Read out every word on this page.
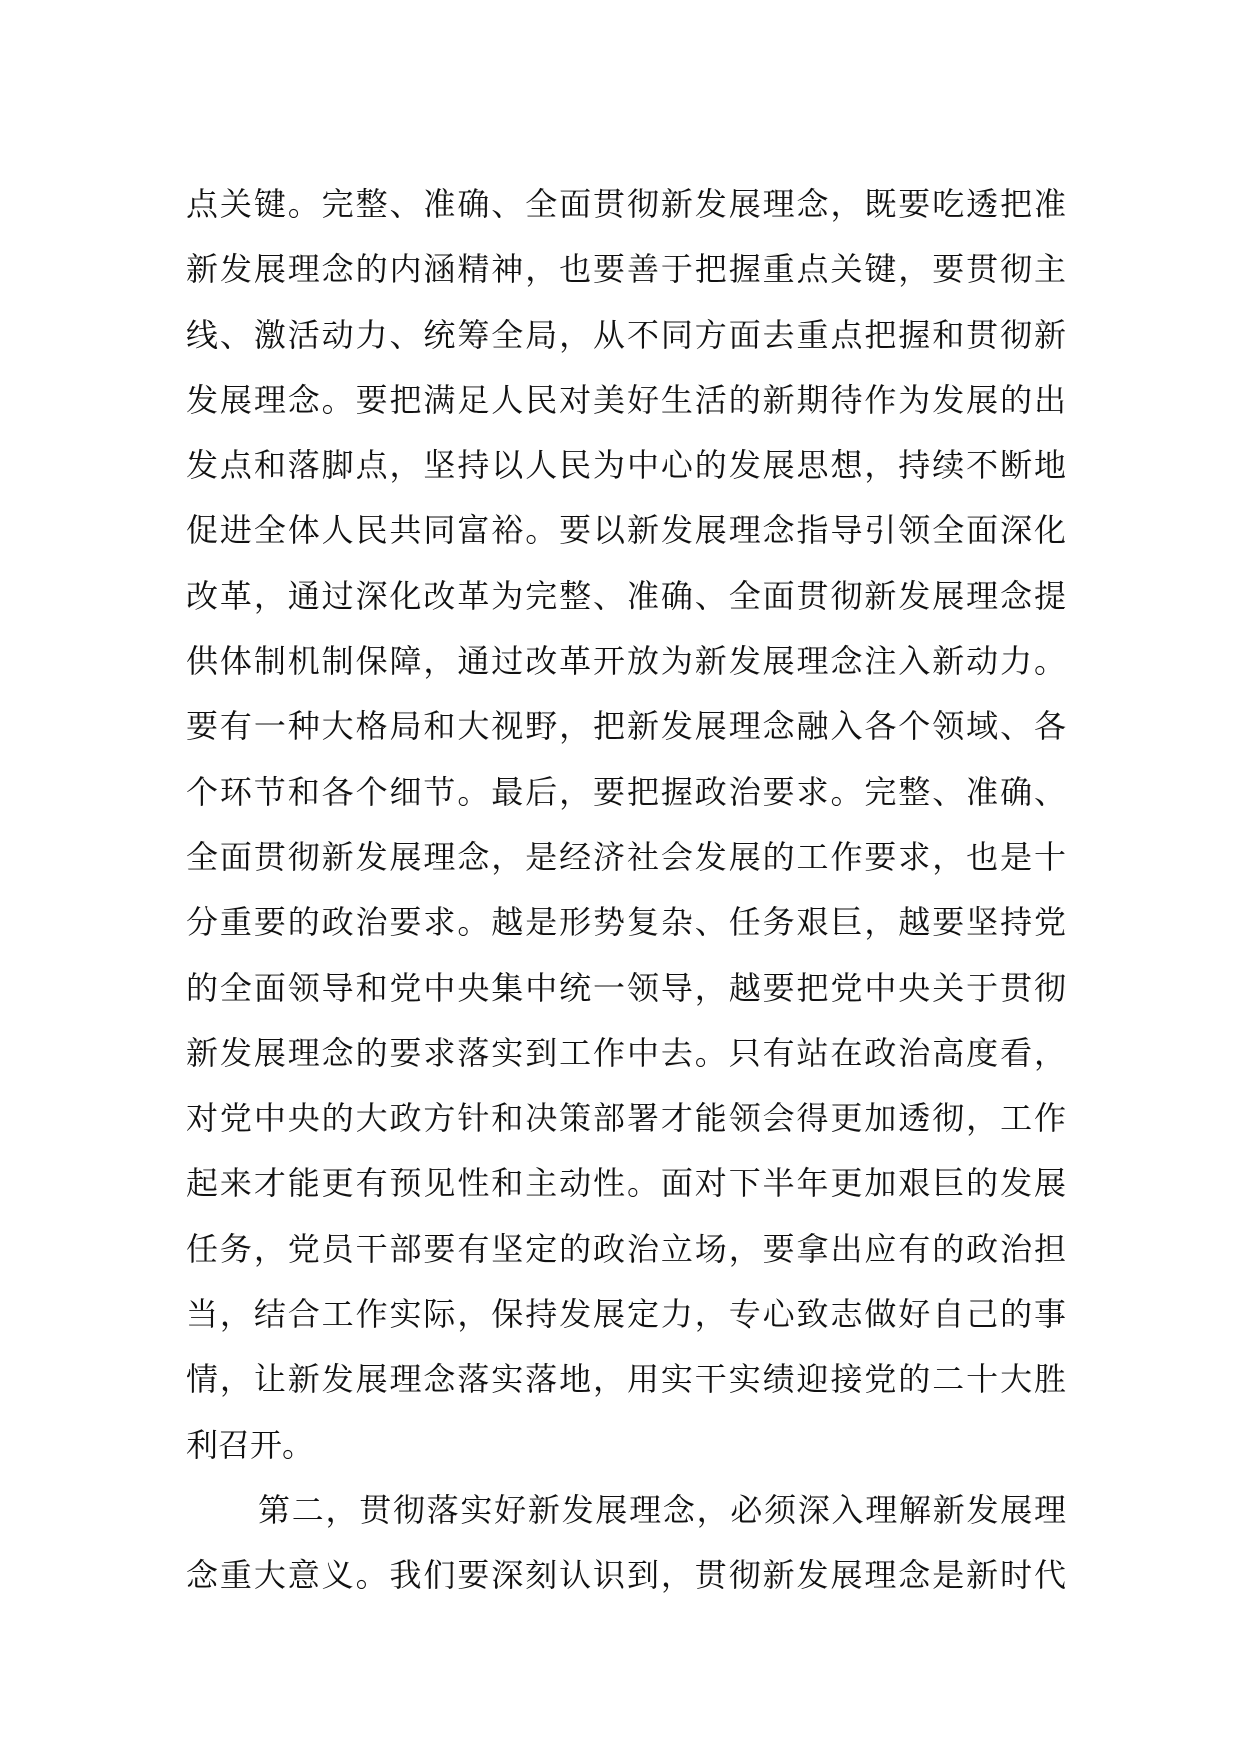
点关键。完整、准确、全面贯彻新发展理念，既要吃透把准
新发展理念的内涵精神，也要善于把握重点关键，要贯彻主
线、激活动力、统筹全局，从不同方面去重点把握和贯彻新
发展理念。要把满足人民对美好生活的新期待作为发展的出
发点和落脚点，坚持以人民为中心的发展思想，持续不断地
促进全体人民共同富裕。要以新发展理念指导引领全面深化
改革，通过深化改革为完整、准确、全面贯彻新发展理念提
供体制机制保障，通过改革开放为新发展理念注入新动力。
要有一种大格局和大视野，把新发展理念融入各个领域、各
个环节和各个细节。最后，要把握政治要求。完整、准确、
全面贯彻新发展理念，是经济社会发展的工作要求，也是十
分重要的政治要求。越是形势复杂、任务艰巨，越要坚持党
的全面领导和党中央集中统一领导，越要把党中央关于贯彻
新发展理念的要求落实到工作中去。只有站在政治高度看，
对党中央的大政方针和决策部署才能领会得更加透彻，工作
起来才能更有预见性和主动性。面对下半年更加艰巨的发展
任务，党员干部要有坚定的政治立场，要拿出应有的政治担
当，结合工作实际，保持发展定力，专心致志做好自己的事
情，让新发展理念落实落地，用实干实绩迎接党的二十大胜
利召开。
第二，贯彻落实好新发展理念，必须深入理解新发展理
念重大意义。我们要深刻认识到，贯彻新发展理念是新时代
